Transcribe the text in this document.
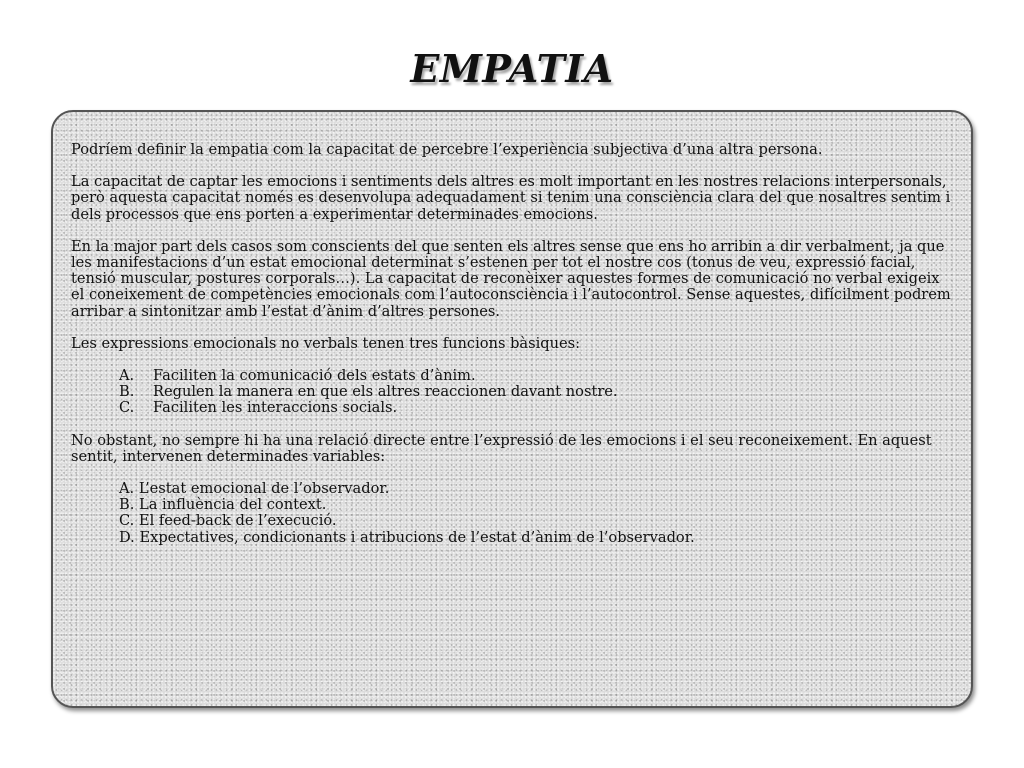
EMPATIA

Podríem definir la empatia com la capacitat de percebre l’experiència subjectiva d’una altra persona.

La capacitat de captar les emocions i sentiments dels altres es molt important en les nostres relacions interpersonals, però aquesta capacitat només es desenvolupa adequadament si tenim una consciència clara del que nosaltres sentim i dels processos que ens porten a experimentar determinades emocions.

En la major part dels casos som conscients del que senten els altres sense que ens ho arribin a dir verbalment, ja que les manifestacions d’un estat emocional determinat s’estenen per tot el nostre cos (tonus de veu, expressió facial, tensió muscular, postures corporals…). La capacitat de reconèixer aquestes formes de comunicació no verbal exigeix el coneixement de competències emocionals com l’autoconsciència i l’autocontrol. Sense aquestes, difícilment podrem arribar a sintonitzar amb l’estat d’ànim d’altres persones.

Les expressions emocionals no verbals tenen tres funcions bàsiques:

A.	Faciliten la comunicació dels estats d’ànim.
B.	Regulen la manera en que els altres reaccionen davant nostre.
C.	Faciliten les interaccions socials.

No obstant, no sempre hi ha una relació directe entre l’expressió de les emocions i el seu reconeixement. En aquest sentit, intervenen determinades variables:

A. L’estat emocional de l’observador.
B. La influència del context.
C. El feed-back de l’execució.
D. Expectatives, condicionants i atribucions de l’estat d’ànim de l’observador.
